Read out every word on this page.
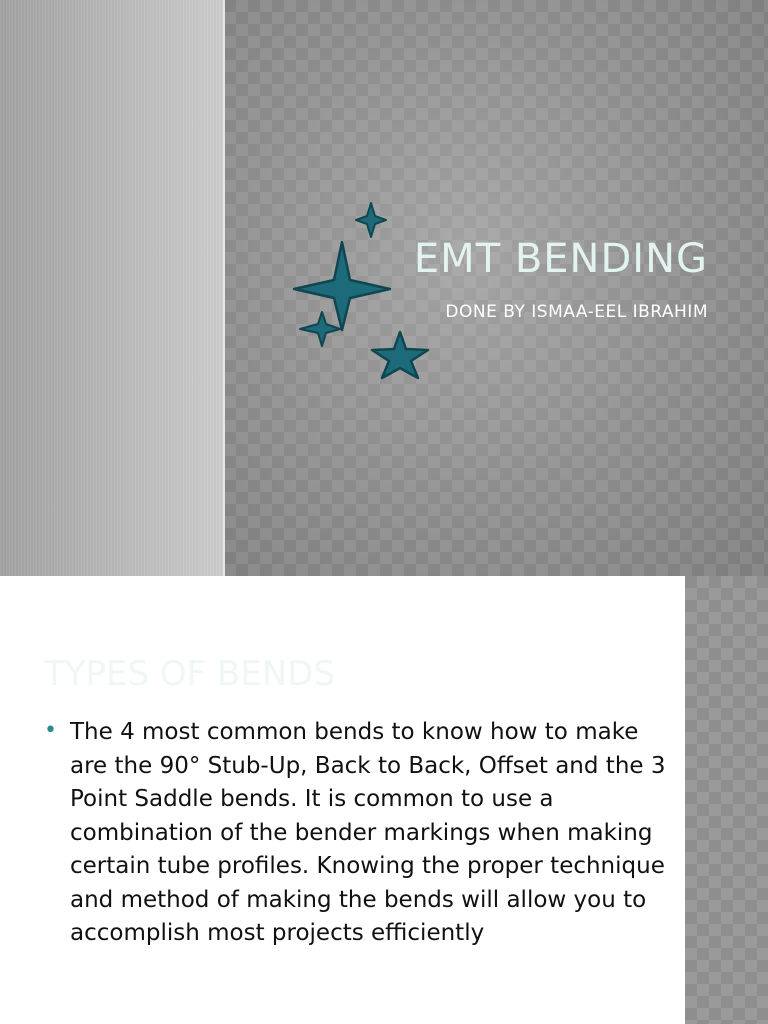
EMT BENDING

DONE BY ISMAA-EEL IBRAHIM

TYPES OF BENDS
• The 4 most common bends to know how to make are the 90° Stub-Up, Back to Back, Offset and the 3 Point Saddle bends. It is common to use a combination of the bender markings when making certain tube profiles. Knowing the proper technique and method of making the bends will allow you to accomplish most projects efficiently
